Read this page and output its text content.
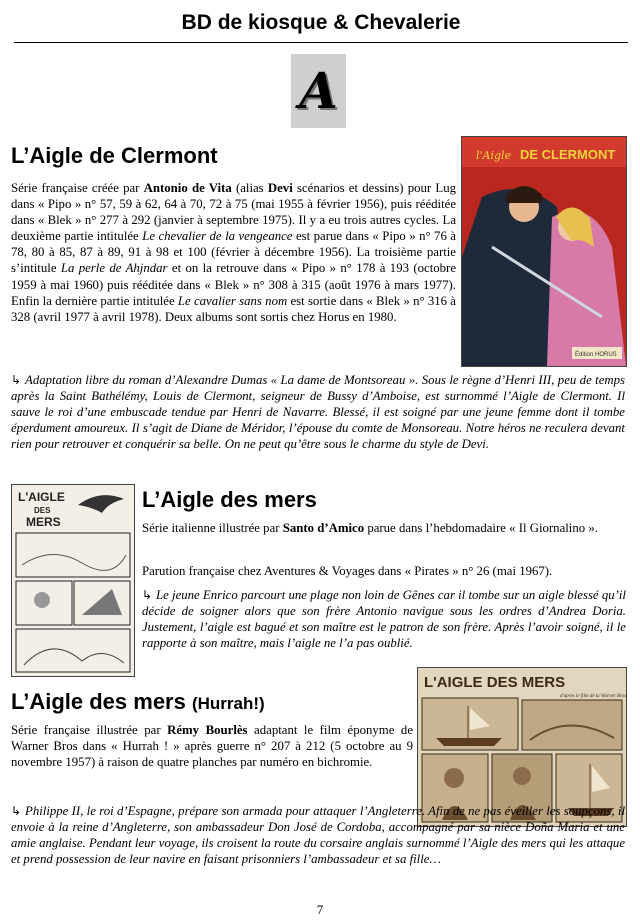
BD de kiosque & Chevalerie
A
L’Aigle de Clermont	l'Aigle DE CLERMONT
Édition HORUS

Série française créée par Antonio de Vita (alias Devi scénarios et dessins) pour Lug dans « Pipo » n° 57, 59 à 62, 64 à 70, 72 à 75 (mai 1955 à février 1956), puis rééditée dans « Blek » n° 277 à 292 (janvier à septembre 1975). Il y a eu trois autres cycles. La deuxième partie intitulée Le chevalier de la vengeance est parue dans « Pipo » n° 76 à 78, 80 à 85, 87 à 89, 91 à 98 et 100 (février à décembre 1956). La troisième partie s’intitule La perle de Ahjndar et on la retrouve dans « Pipo » n° 178 à 193 (octobre 1959 à mai 1960) puis rééditée dans « Blek » n° 308 à 315 (août 1976 à mars 1977). Enfin la dernière partie intitulée Le cavalier sans nom est sortie dans « Blek » n° 316 à 328 (avril 1977 à avril 1978). Deux albums sont sortis chez Horus en 1980.

↳ Adaptation libre du roman d’Alexandre Dumas « La dame de Montsoreau ». Sous le règne d’Henri III, peu de temps après la Saint Bathélémy, Louis de Clermont, seigneur de Bussy d’Amboise, est surnommé l’Aigle de Clermont. Il sauve le roi d’une embuscade tendue par Henri de Navarre. Blessé, il est soigné par une jeune femme dont il tombe éperdument amoureux. Il s’agit de Diane de Méridor, l’épouse du comte de Monsoreau. Notre héros ne reculera devant rien pour retrouver et conquérir sa belle. On ne peut qu’être sous le charme du style de Devi.

L'AIGLE
DES
MERS
L’Aigle des mers

Série italienne illustrée par Santo d’Amico parue dans l’hebdomadaire « Il Giornalino ».

Parution française chez Aventures & Voyages dans « Pirates » n° 26 (mai 1967).

↳ Le jeune Enrico parcourt une plage non loin de Gênes car il tombe sur un aigle blessé qu’il décide de soigner alors que son frère Antonio navigue sous les ordres d’Andrea Doria. Justement, l’aigle est bagué et son maître est le patron de son frère. Après l’avoir soigné, il le rapporte à son maître, mais l’aigle ne l’a pas oublié.

L’Aigle des mers (Hurrah!)
L'AIGLE DES MERS
d'après le film de la Warner Bros

Série française illustrée par Rémy Bourlès adaptant le film éponyme de Warner Bros dans « Hurrah ! » après guerre n° 207 à 212 (5 octobre au 9 novembre 1957) à raison de quatre planches par numéro en bichromie.

↳ Philippe II, le roi d’Espagne, prépare son armada pour attaquer l’Angleterre. Afin de ne pas éveiller les soupçons, il envoie à la reine d’Angleterre, son ambassadeur Don José de Cordoba, accompagné par sa nièce Doña Maria et une amie anglaise. Pendant leur voyage, ils croisent la route du corsaire anglais surnommé l’Aigle des mers qui les attaque et prend possession de leur navire en faisant prisonniers l’ambassadeur et sa fille…

7
